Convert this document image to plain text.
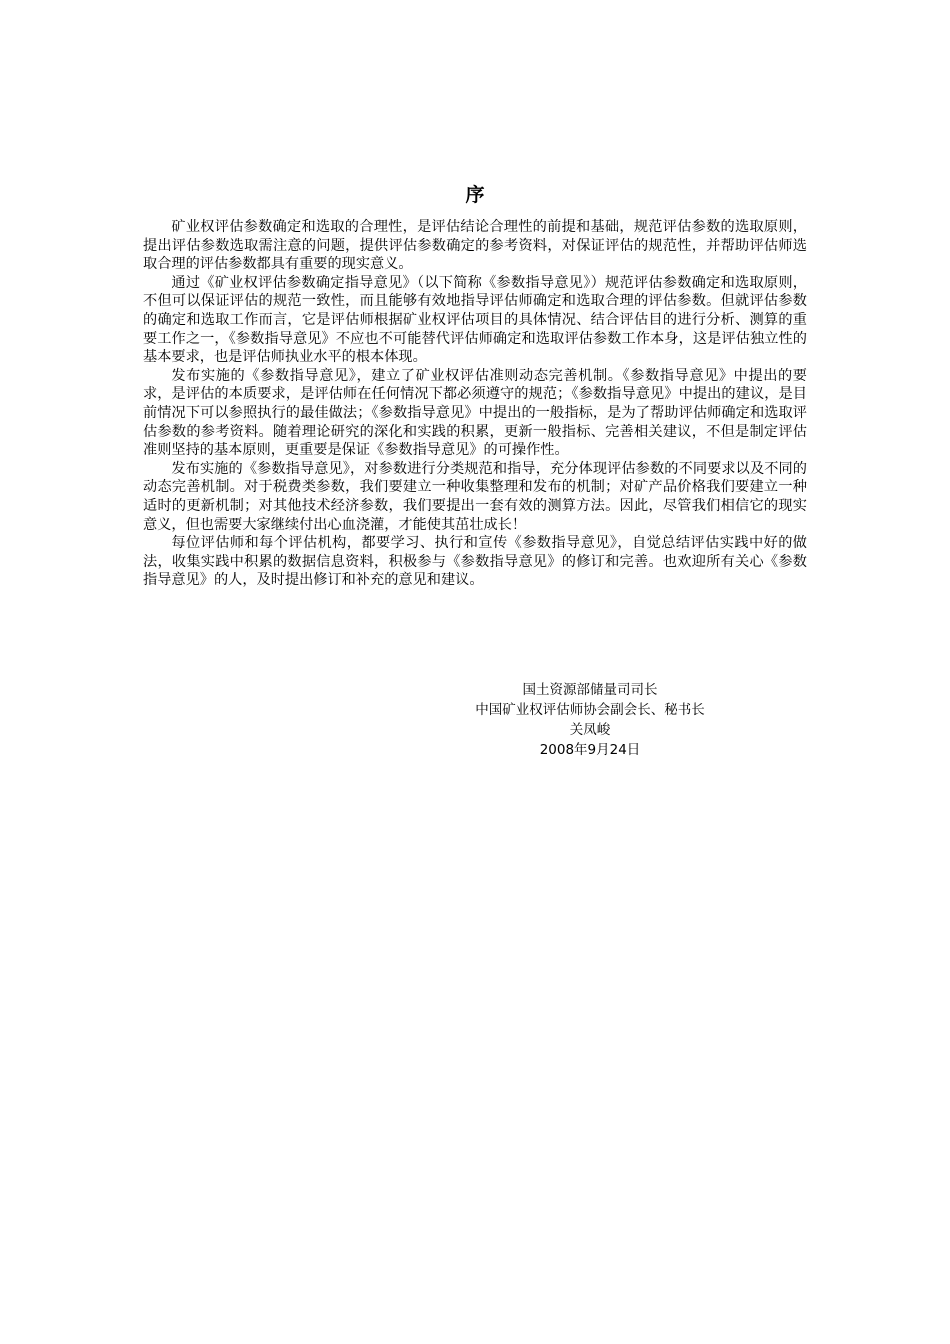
序

矿业权评估参数确定和选取的合理性，是评估结论合理性的前提和基础，规范评估参数的选取原则，提出评估参数选取需注意的问题，提供评估参数确定的参考资料，对保证评估的规范性，并帮助评估师选取合理的评估参数都具有重要的现实意义。

通过《矿业权评估参数确定指导意见》（以下简称《参数指导意见》）规范评估参数确定和选取原则，不但可以保证评估的规范一致性，而且能够有效地指导评估师确定和选取合理的评估参数。但就评估参数的确定和选取工作而言，它是评估师根据矿业权评估项目的具体情况、结合评估目的进行分析、测算的重要工作之一，《参数指导意见》不应也不可能替代评估师确定和选取评估参数工作本身，这是评估独立性的基本要求，也是评估师执业水平的根本体现。

发布实施的《参数指导意见》，建立了矿业权评估准则动态完善机制。《参数指导意见》中提出的要求，是评估的本质要求，是评估师在任何情况下都必须遵守的规范；《参数指导意见》中提出的建议，是目前情况下可以参照执行的最佳做法；《参数指导意见》中提出的一般指标，是为了帮助评估师确定和选取评估参数的参考资料。随着理论研究的深化和实践的积累，更新一般指标、完善相关建议，不但是制定评估准则坚持的基本原则，更重要是保证《参数指导意见》的可操作性。

发布实施的《参数指导意见》，对参数进行分类规范和指导，充分体现评估参数的不同要求以及不同的动态完善机制。对于税费类参数，我们要建立一种收集整理和发布的机制；对矿产品价格我们要建立一种适时的更新机制；对其他技术经济参数，我们要提出一套有效的测算方法。因此，尽管我们相信它的现实意义，但也需要大家继续付出心血浇灌，才能使其茁壮成长！

每位评估师和每个评估机构，都要学习、执行和宣传《参数指导意见》，自觉总结评估实践中好的做法，收集实践中积累的数据信息资料，积极参与《参数指导意见》的修订和完善。也欢迎所有关心《参数指导意见》的人，及时提出修订和补充的意见和建议。

国土资源部储量司司长
中国矿业权评估师协会副会长、秘书长
关凤峻
2008年9月24日
